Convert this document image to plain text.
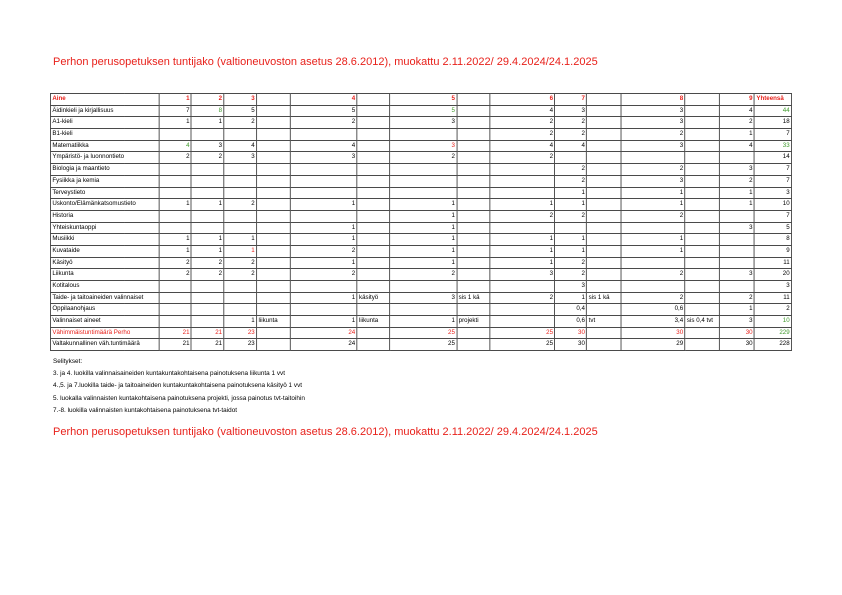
Perhon perusopetuksen tuntijako (valtioneuvoston asetus 28.6.2012), muokattu 2.11.2022/ 29.4.2024/24.1.2025
Aine	1	2	3		4		5		6	7		8		9	Yhteensä
Äidinkieli ja kirjallisuus	7	8	5		5		5		4	3		3		4	44
A1-kieli	1	1	2		2		3		2	2		3		2	18
B1-kieli									2	2		2		1	7
Matematiikka	4	3	4		4		3		4	4		3		4	33
Ympäristö- ja luonnontieto	2	2	3		3		2		2						14
Biologia ja maantieto										2		2		3	7
Fysiikka ja kemia										2		3		2	7
Terveystieto										1		1		1	3
Uskonto/Elämänkatsomustieto	1	1	2		1		1		1	1		1		1	10
Historia							1		2	2		2			7
Yhteiskuntaoppi					1		1							3	5
Musiikki	1	1	1		1		1		1	1		1			8
Kuvataide	1	1	1		2		1		1	1		1			9
Käsityö	2	2	2		1		1		1	2					11
Liikunta	2	2	2		2		2		3	2		2		3	20
Kotitalous										3					3
Taide- ja taitoaineiden valinnaiset					1	käsityö	3	sis 1 kä	2	1	sis 1 kä	2		2	11
Oppilaanohjaus										0,4		0,6		1	2
Valinnaiset aineet			1	liikunta	1	liikunta	1	projekti		0,6	tvt	3,4	sis 0,4 tvt	3	10
Vähimmäistuntimäärä Perho	21	21	23		24		25		25	30		30		30	229
Valtakunnallinen väh.tuntimäärä	21	21	23		24		25		25	30		29		30	228
Selitykset:
3. ja 4. luokilla valinnaisaineiden kuntakuntakohtaisena painotuksena liikunta 1 vvt
4.,5. ja 7.luokilla taide- ja taitoaineiden kuntakuntakohtaisena painotuksena käsityö 1 vvt
5. luokalla valinnaisten kuntakohtaisena painotuksena projekti, jossa painotus tvt-taitoihin
7.-8. luokilla valinnaisten kuntakohtaisena painotuksena tvt-taidot
Perhon perusopetuksen tuntijako (valtioneuvoston asetus 28.6.2012), muokattu 2.11.2022/ 29.4.2024/24.1.2025
